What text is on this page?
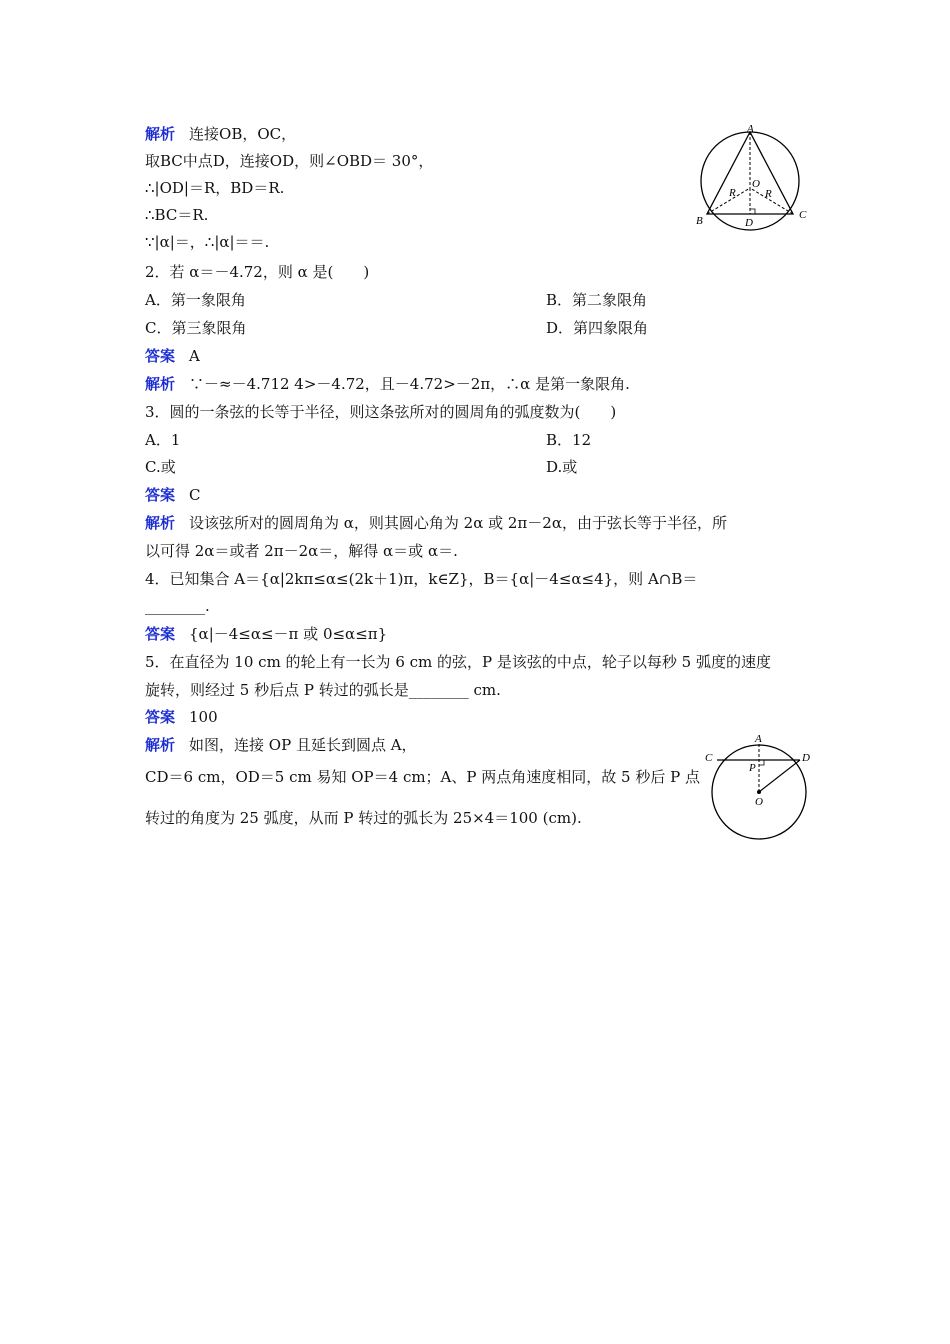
解析 连接OB，OC，
取BC中点D，连接OD，则∠OBD＝ 30°，
∴|OD|＝R，BD＝R.
∴BC＝R.
∵|α|＝，∴|α|＝＝.
A
B	C
D
O
R	R
2．若 α＝－4.72，则 α 是(　　)
A．第一象限角	B．第二象限角
C．第三象限角	D．第四象限角
答案 A
解析 ∵－≈－4.712 4>－4.72，且－4.72>－2π，∴α 是第一象限角.
3．圆的一条弦的长等于半径，则这条弦所对的圆周角的弧度数为(　　)
A．1	B．12
C.或	D.或
答案 C
解析 设该弦所对的圆周角为 α，则其圆心角为 2α 或 2π－2α，由于弦长等于半径，所
以可得 2α＝或者 2π－2α＝，解得 α＝或 α＝.
4．已知集合 A＝{α|2kπ≤α≤(2k＋1)π，k∈Z}，B＝{α|－4≤α≤4}，则 A∩B＝
________.
答案 {α|－4≤α≤－π 或 0≤α≤π}
5．在直径为 10 cm 的轮上有一长为 6 cm 的弦，P 是该弦的中点，轮子以每秒 5 弧度的速度
旋转，则经过 5 秒后点 P 转过的弧长是________ cm.
答案 100
解析 如图，连接 OP 且延长到圆点 A，
CD＝6 cm，OD＝5 cm 易知 OP＝4 cm；A、P 两点角速度相同，故 5 秒后 P 点
转过的角度为 25 弧度，从而 P 转过的弧长为 25×4＝100 (cm).
A
C	D
P
O
